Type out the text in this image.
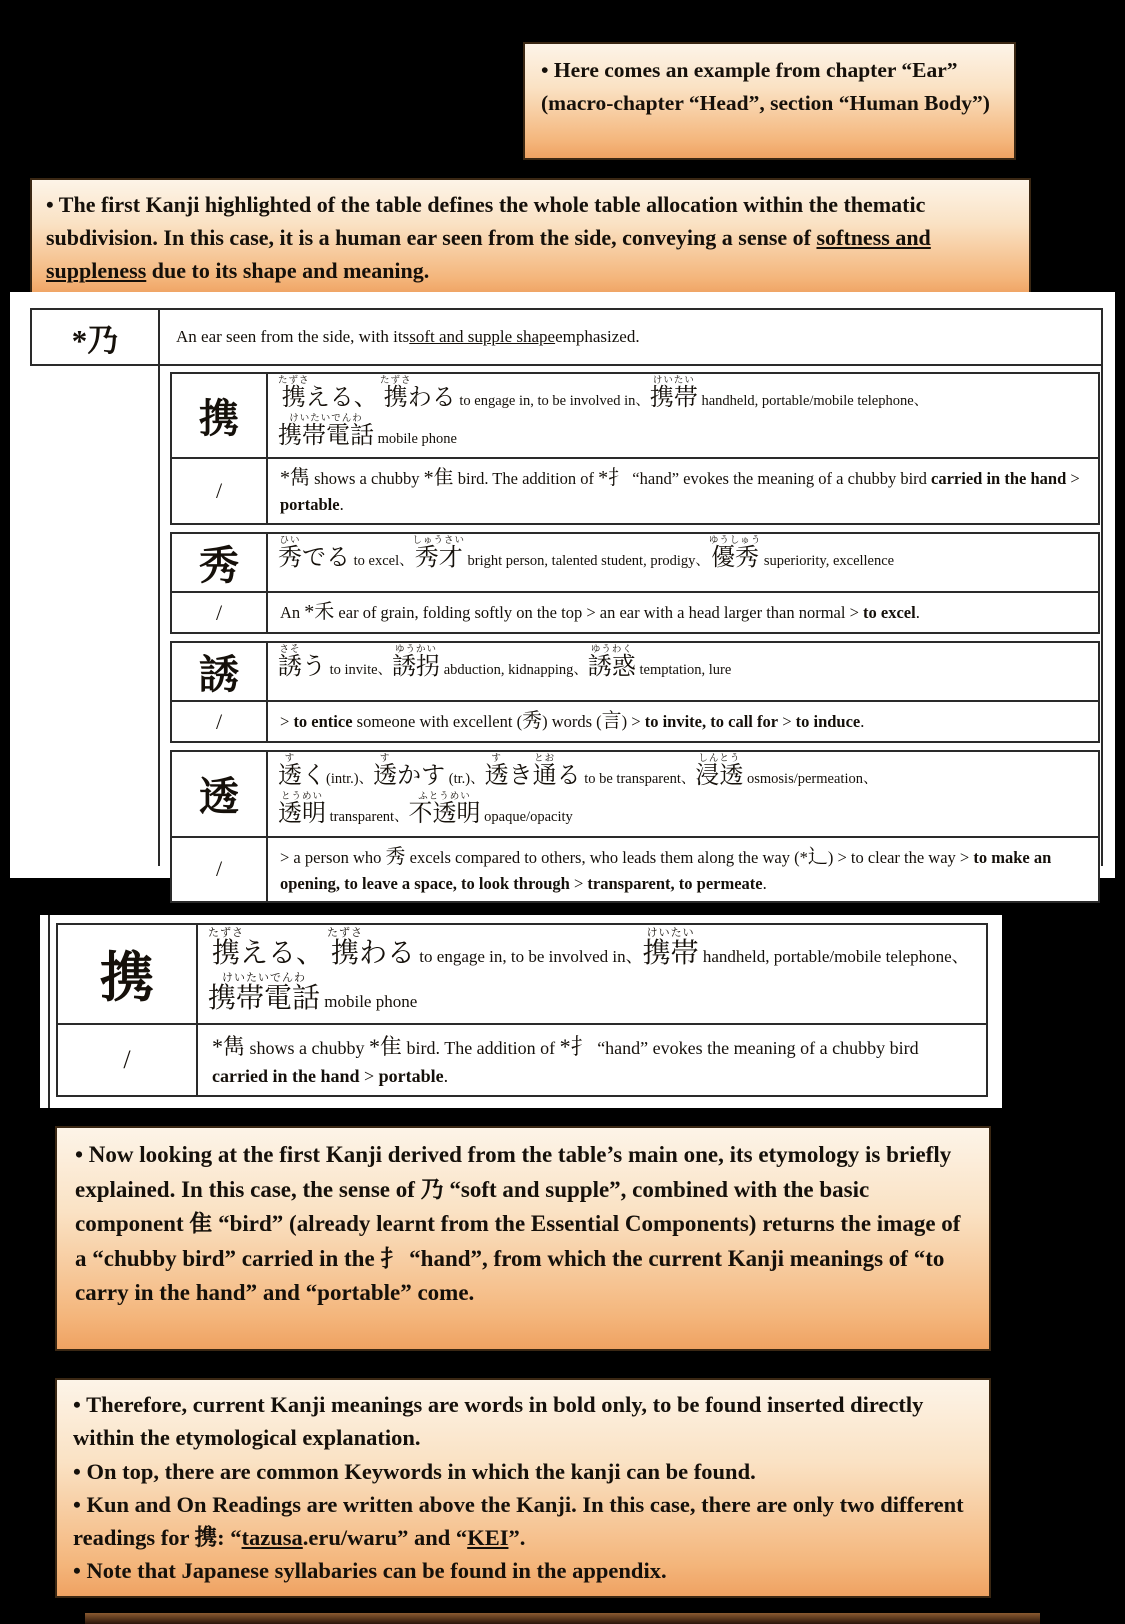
• Here comes an example from chapter “Ear” (macro-chapter “Head”, section “Human Body”)

• The first Kanji highlighted of the table defines the whole table allocation within the thematic subdivision. In this case, it is a human ear seen from the side, conveying a sense of softness and suppleness due to its shape and meaning.

*乃	An ear seen from the side, with its soft and supple shape emphasized.
携	携たずさえる、 携たずさわる to engage in, to be involved in、携帯けいたい handheld, portable/mobile telephone、
携帯電話けいたいでんわ mobile phone
/	*雋 shows a chubby *隹 bird. The addition of *扌 “hand” evokes the meaning of a chubby bird carried in the hand > portable.
秀	秀ひいでる to excel、秀才しゅうさい bright person, talented student, prodigy、優秀ゆうしゅう superiority, excellence
/	An *禾 ear of grain, folding softly on the top > an ear with a head larger than normal > to excel.
誘	誘さそう to invite、誘拐ゆうかい abduction, kidnapping、誘惑ゆうわく temptation, lure
/	> to entice someone with excellent (秀) words (言) > to invite, to call for > to induce.
透	透すく(intr.)、透すかす (tr.)、透すき通とおる to be transparent、浸透しんとう osmosis/permeation、
透明とうめい transparent、不透明ふとうめい opaque/opacity
/	> a person who 秀 excels compared to others, who leads them along the way (*辶) > to clear the way > to make an opening, to leave a space, to look through > transparent, to permeate.
携	携たずさえる、 携たずさわる to engage in, to be involved in、携帯けいたい handheld, portable/mobile telephone、
携帯電話けいたいでんわ mobile phone
/	*雋 shows a chubby *隹 bird. The addition of *扌 “hand” evokes the meaning of a chubby bird carried in the hand > portable.

• Now looking at the first Kanji derived from the table’s main one, its etymology is briefly explained. In this case, the sense of 乃 “soft and supple”, combined with the basic component 隹 “bird” (already learnt from the Essential Components) returns the image of a “chubby bird” carried in the 扌 “hand”, from which the current Kanji meanings of “to carry in the hand” and “portable” come.

• Therefore, current Kanji meanings are words in bold only, to be found inserted directly within the etymological explanation.

• On top, there are common Keywords in which the kanji can be found.

• Kun and On Readings are written above the Kanji. In this case, there are only two different readings for 携: “tazusa.eru/waru” and “KEI”.

• Note that Japanese syllabaries can be found in the appendix.
